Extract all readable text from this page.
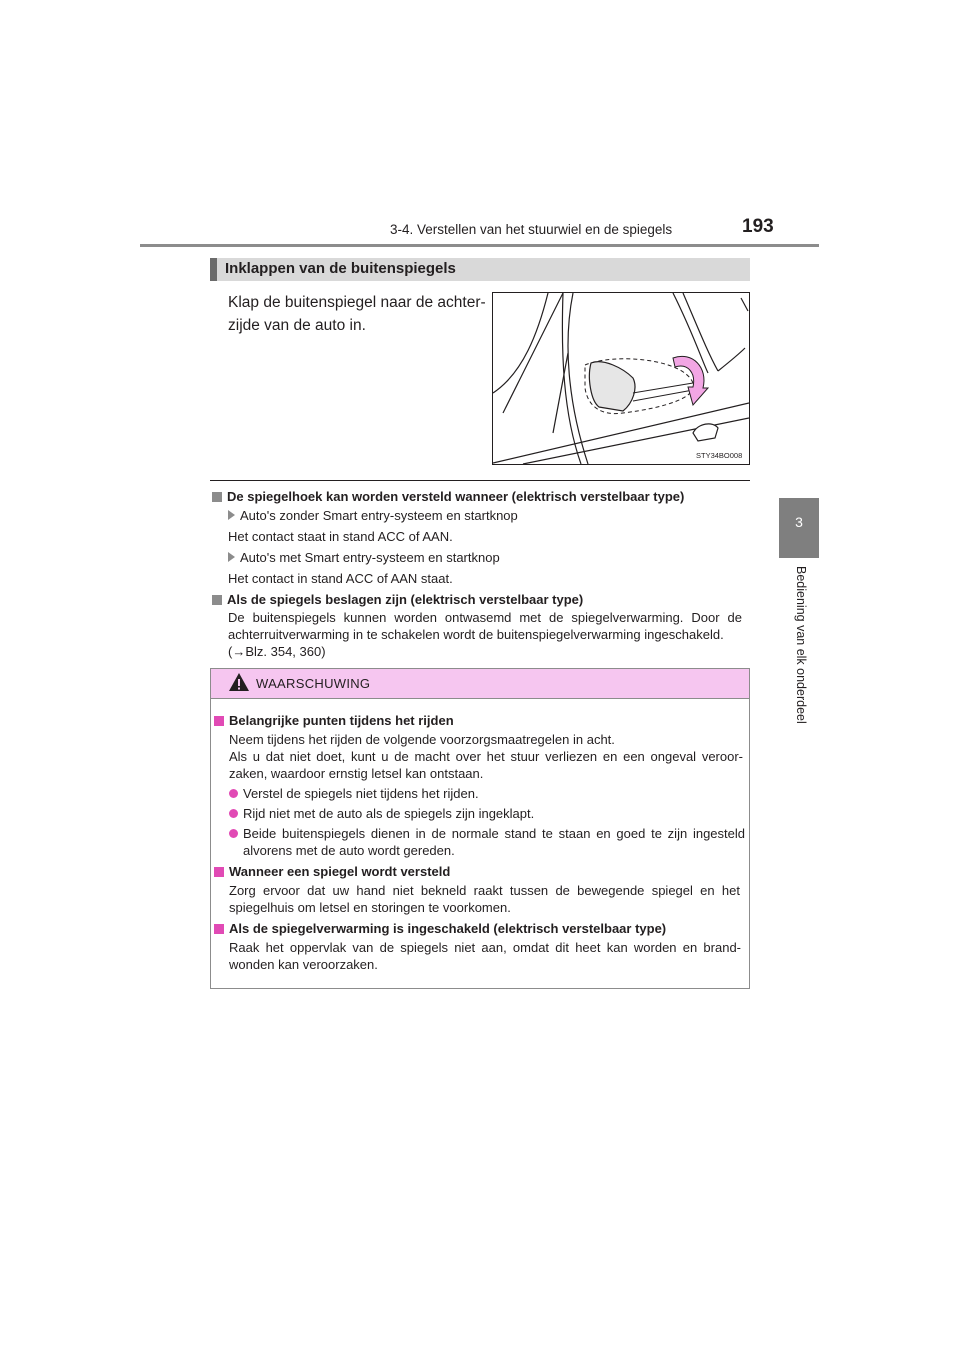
3-4. Verstellen van het stuurwiel en de spiegels	193
3
Bediening van elk onderdeel
Inklappen van de buitenspiegels
Klap de buitenspiegel naar de achter-
zijde van de auto in.
STY34BO008
De spiegelhoek kan worden versteld wanneer (elektrisch verstelbaar type)
Auto's zonder Smart entry-systeem en startknop
Het contact staat in stand ACC of AAN.
Auto's met Smart entry-systeem en startknop
Het contact in stand ACC of AAN staat.
Als de spiegels beslagen zijn (elektrisch verstelbaar type)
De buitenspiegels kunnen worden ontwasemd met de spiegelverwarming. Door de
achterruitverwarming in te schakelen wordt de buitenspiegelverwarming ingeschakeld.
(→Blz. 354, 360)
WAARSCHUWING
Belangrijke punten tijdens het rijden
Neem tijdens het rijden de volgende voorzorgsmaatregelen in acht.
Als u dat niet doet, kunt u de macht over het stuur verliezen en een ongeval veroor-
zaken, waardoor ernstig letsel kan ontstaan.
Verstel de spiegels niet tijdens het rijden.
Rijd niet met de auto als de spiegels zijn ingeklapt.
Beide buitenspiegels dienen in de normale stand te staan en goed te zijn ingesteld
alvorens met de auto wordt gereden.
Wanneer een spiegel wordt versteld
Zorg ervoor dat uw hand niet bekneld raakt tussen de bewegende spiegel en het
spiegelhuis om letsel en storingen te voorkomen.
Als de spiegelverwarming is ingeschakeld (elektrisch verstelbaar type)
Raak het oppervlak van de spiegels niet aan, omdat dit heet kan worden en brand-
wonden kan veroorzaken.
